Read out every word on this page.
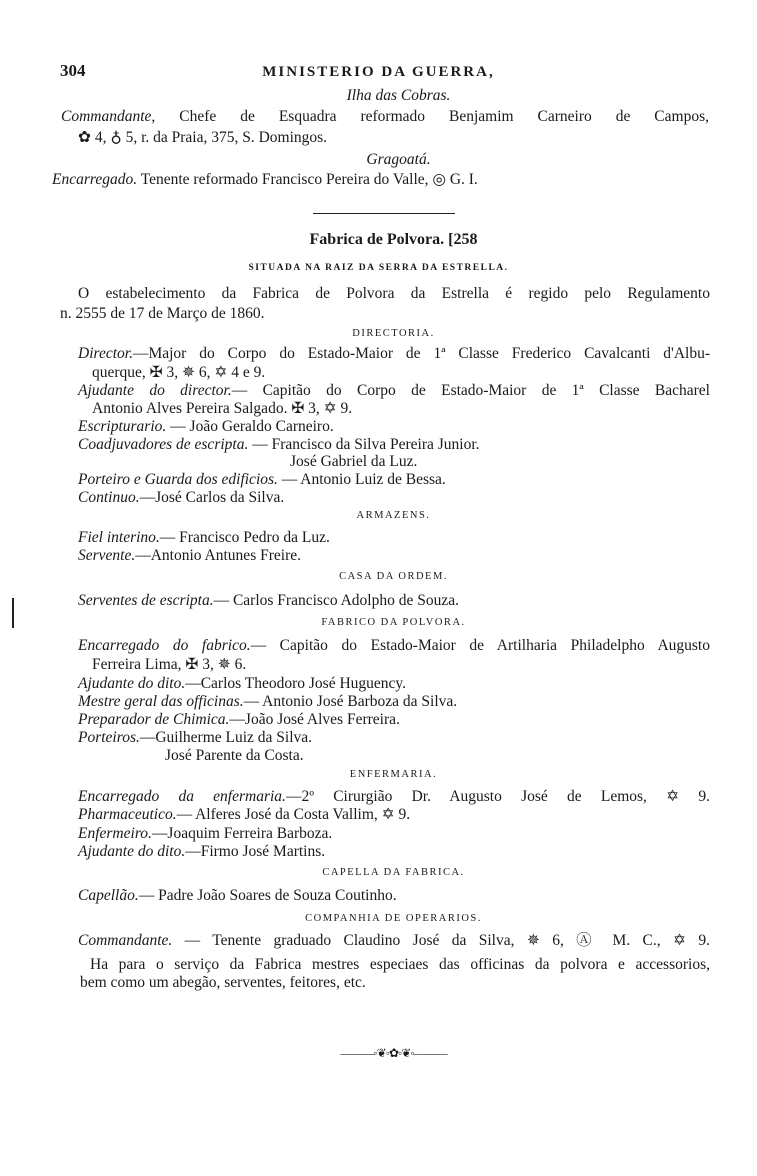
304	MINISTERIO DA GUERRA,
Ilha das Cobras.
Commandante, Chefe de Esquadra reformado Benjamim Carneiro de Campos,
✿ 4, ♁ 5, r. da Praia, 375, S. Domingos.
Gragoatá.
Encarregado. Tenente reformado Francisco Pereira do Valle, ◎ G. I.
Fabrica de Polvora. [258
SITUADA NA RAIZ DA SERRA DA ESTRELLA.
O estabelecimento da Fabrica de Polvora da Estrella é regido pelo Regulamento
n. 2555 de 17 de Março de 1860.
DIRECTORIA.
Director.—Major do Corpo do Estado-Maior de 1ª Classe Frederico Cavalcanti d'Albu-
querque, ✠ 3, ✵ 6, ✡ 4 e 9.
Ajudante do director.— Capitão do Corpo de Estado-Maior de 1ª Classe Bacharel
Antonio Alves Pereira Salgado. ✠ 3, ✡ 9.
Escripturario. — João Geraldo Carneiro.
Coadjuvadores de escripta. — Francisco da Silva Pereira Junior.
José Gabriel da Luz.
Porteiro e Guarda dos edificios. — Antonio Luiz de Bessa.
Continuo.—José Carlos da Silva.
ARMAZENS.
Fiel interino.— Francisco Pedro da Luz.
Servente.—Antonio Antunes Freire.
CASA DA ORDEM.
Serventes de escripta.— Carlos Francisco Adolpho de Souza.
FABRICO DA POLVORA.
Encarregado do fabrico.— Capitão do Estado-Maior de Artilharia Philadelpho Augusto
Ferreira Lima, ✠ 3, ✵ 6.
Ajudante do dito.—Carlos Theodoro José Huguency.
Mestre geral das officinas.— Antonio José Barboza da Silva.
Preparador de Chimica.—João José Alves Ferreira.
Porteiros.—Guilherme Luiz da Silva.
José Parente da Costa.
ENFERMARIA.
Encarregado da enfermaria.—2º Cirurgião Dr. Augusto José de Lemos, ✡ 9.
Pharmaceutico.— Alferes José da Costa Vallim, ✡ 9.
Enfermeiro.—Joaquim Ferreira Barboza.
Ajudante do dito.—Firmo José Martins.
CAPELLA DA FABRICA.
Capellão.— Padre João Soares de Souza Coutinho.
COMPANHIA DE OPERARIOS.
Commandante. — Tenente graduado Claudino José da Silva, ✵ 6, Ⓐ M. C., ✡ 9.
Ha para o serviço da Fabrica mestres especiaes das officinas da polvora e accessorios,
bem como um abegão, serventes, feitores, etc.
———◦❦◦✿◦❦◦———
